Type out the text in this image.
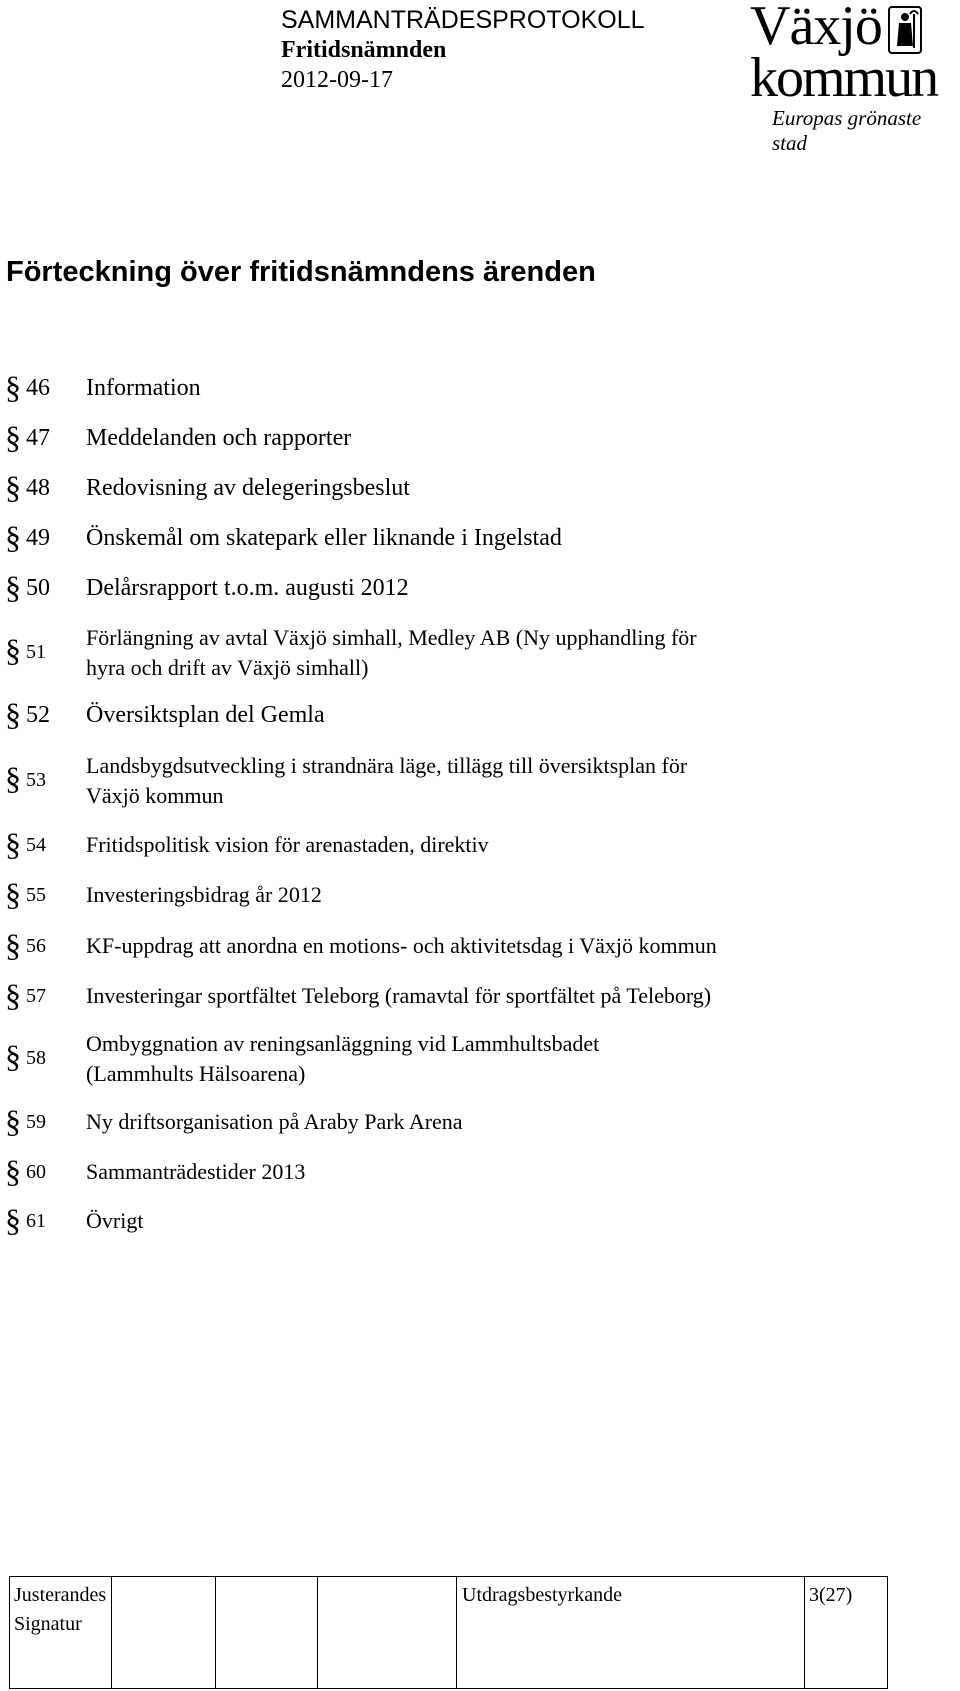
SAMMANTRÄDESPROTOKOLL
Fritidsnämnden
2012-09-17
Växjö
kommun
Europas grönaste stad
Förteckning över fritidsnämndens ärenden
§ 46 Information
§ 47 Meddelanden och rapporter
§ 48 Redovisning av delegeringsbeslut
§ 49 Önskemål om skatepark eller liknande i Ingelstad
§ 50 Delårsrapport t.o.m. augusti 2012
§ 51
Förlängning av avtal Växjö simhall, Medley AB (Ny upphandling för
hyra och drift av Växjö simhall)
§ 52 Översiktsplan del Gemla
§ 53
Landsbygdsutveckling i strandnära läge, tillägg till översiktsplan för
Växjö kommun
§ 54 Fritidspolitisk vision för arenastaden, direktiv
§ 55 Investeringsbidrag år 2012
§ 56 KF-uppdrag att anordna en motions- och aktivitetsdag i Växjö kommun
§ 57 Investeringar sportfältet Teleborg (ramavtal för sportfältet på Teleborg)
§ 58
Ombyggnation av reningsanläggning vid Lammhultsbadet
(Lammhults Hälsoarena)
§ 59 Ny driftsorganisation på Araby Park Arena
§ 60 Sammanträdestider 2013
§ 61 Övrigt
Justerandes
Signatur

Utdragsbestyrkande	3(27)
